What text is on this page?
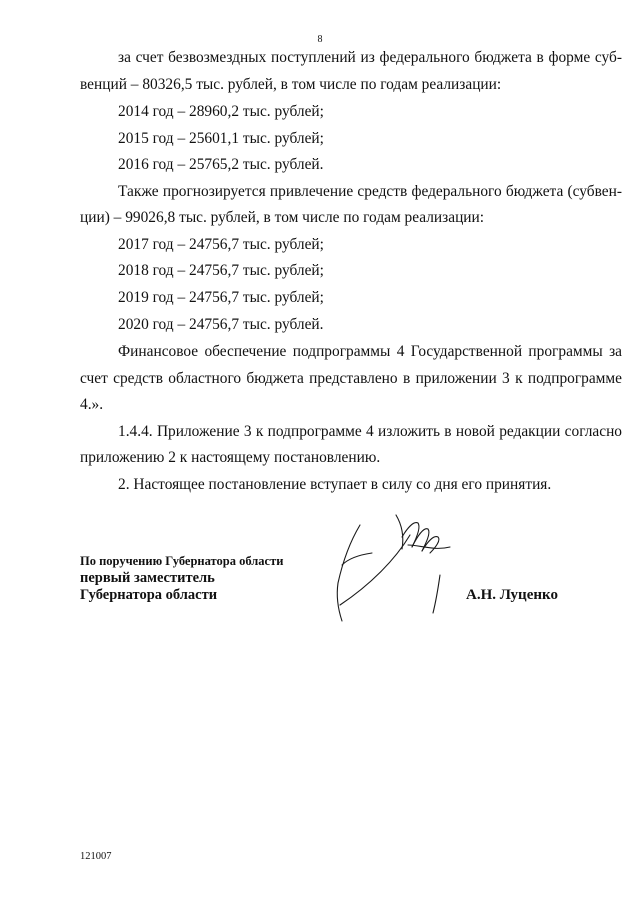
8
за счет безвозмездных поступлений из федерального бюджета в форме суб-
венций – 80326,5 тыс. рублей, в том числе по годам реализации:
2014 год – 28960,2 тыс. рублей;
2015 год – 25601,1 тыс. рублей;
2016 год – 25765,2 тыс. рублей.
Также прогнозируется привлечение средств федерального бюджета (субвен-
ции) – 99026,8 тыс. рублей, в том числе по годам реализации:
2017 год – 24756,7 тыс. рублей;
2018 год – 24756,7 тыс. рублей;
2019 год – 24756,7 тыс. рублей;
2020 год – 24756,7 тыс. рублей.
Финансовое обеспечение подпрограммы 4 Государственной программы за
счет средств областного бюджета представлено в приложении 3 к подпрограмме
4.».
1.4.4. Приложение 3 к подпрограмме 4 изложить в новой редакции согласно
приложению 2 к настоящему постановлению.
2. Настоящее постановление вступает в силу со дня его принятия.
По поручению Губернатора области
первый заместитель
Губернатора области	А.Н. Луценко
121007
